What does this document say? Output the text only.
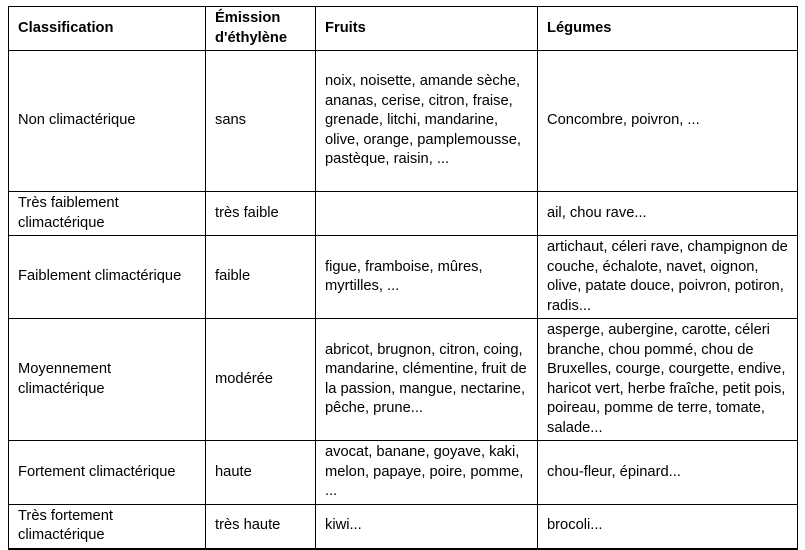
Classification	Émission d'éthylène	Fruits	Légumes
Non climactérique	sans	noix, noisette, amande sèche, ananas, cerise, citron, fraise, grenade, litchi, mandarine, olive, orange, pamplemousse, pastèque, raisin, ...	Concombre, poivron, ...
Très faiblement climactérique	très faible		ail, chou rave...
Faiblement climactérique	faible	figue, framboise, mûres, myrtilles, ...	artichaut, céleri rave, champignon de couche, échalote, navet, oignon, olive, patate douce, poivron, potiron, radis...
Moyennement climactérique	modérée	abricot, brugnon, citron, coing, mandarine, clémentine, fruit de la passion, mangue, nectarine, pêche, prune...	asperge, aubergine, carotte, céleri branche, chou pommé, chou de Bruxelles, courge, courgette, endive, haricot vert, herbe fraîche, petit pois, poireau, pomme de terre, tomate, salade...
Fortement climactérique	haute	avocat, banane, goyave, kaki, melon, papaye, poire, pomme, ...	chou-fleur, épinard...
Très fortement climactérique	très haute	kiwi...	brocoli...
